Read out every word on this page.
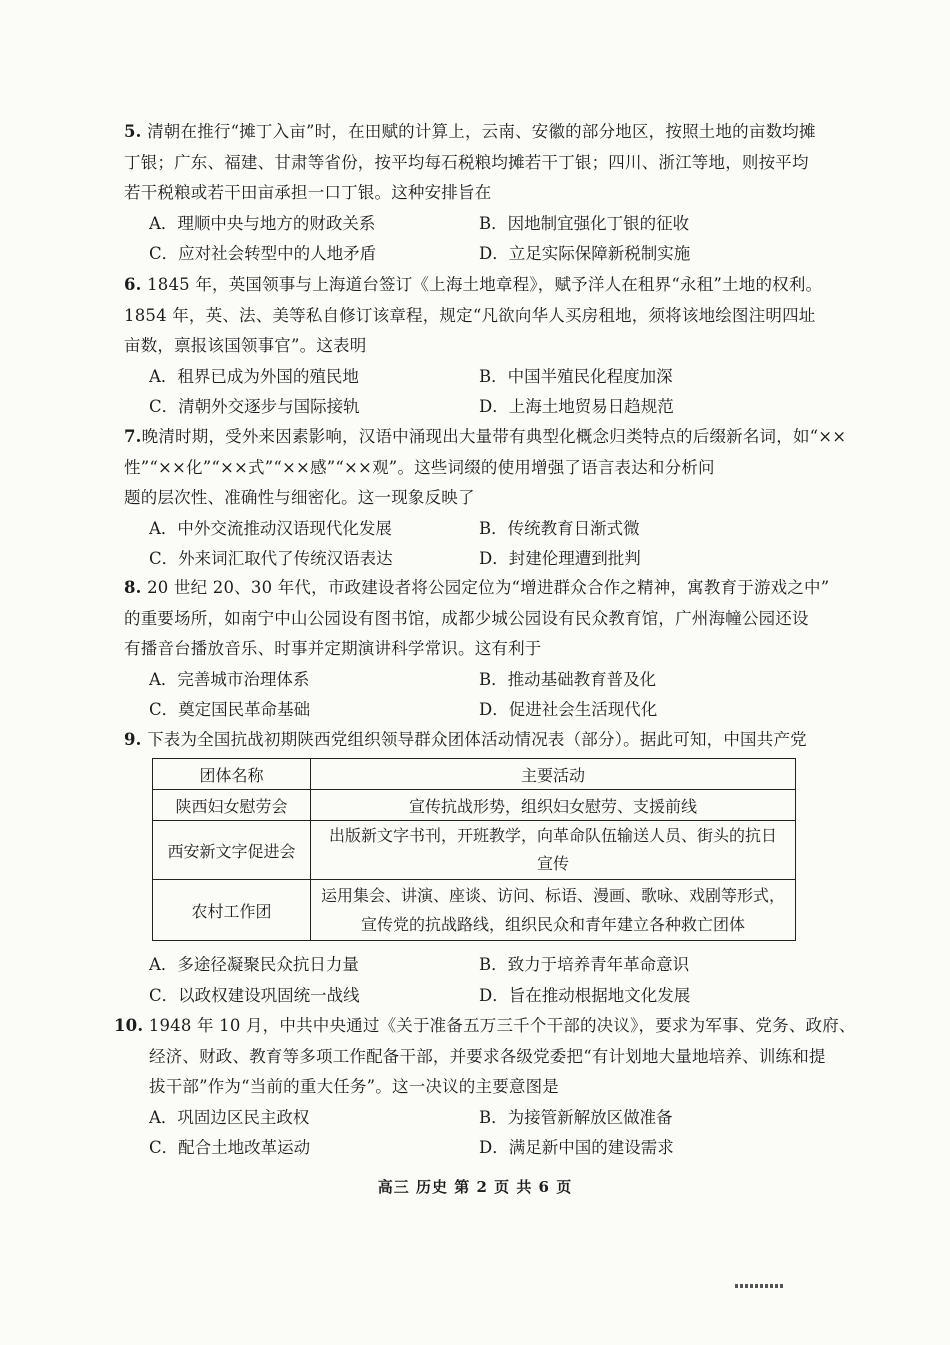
5. 清朝在推行“摊丁入亩”时，在田赋的计算上，云南、安徽的部分地区，按照土地的亩数均摊
丁银；广东、福建、甘肃等省份，按平均每石税粮均摊若干丁银；四川、浙江等地，则按平均
若干税粮或若干田亩承担一口丁银。这种安排旨在
A．理顺中央与地方的财政关系	B．因地制宜强化丁银的征收
C．应对社会转型中的人地矛盾	D．立足实际保障新税制实施
6. 1845 年，英国领事与上海道台签订《上海土地章程》，赋予洋人在租界“永租”土地的权利。
1854 年，英、法、美等私自修订该章程，规定“凡欲向华人买房租地，须将该地绘图注明四址
亩数，禀报该国领事官”。这表明
A．租界已成为外国的殖民地	B．中国半殖民化程度加深
C．清朝外交逐步与国际接轨	D．上海土地贸易日趋规范
7.晚清时期，受外来因素影响，汉语中涌现出大量带有典型化概念归类特点的后缀新名词，如“××
性”“××化”“××式”“××感”“××观”。这些词缀的使用增强了语言表达和分析问
题的层次性、准确性与细密化。这一现象反映了
A．中外交流推动汉语现代化发展	B．传统教育日渐式微
C．外来词汇取代了传统汉语表达	D．封建伦理遭到批判
8. 20 世纪 20、30 年代，市政建设者将公园定位为“增进群众合作之精神，寓教育于游戏之中”
的重要场所，如南宁中山公园设有图书馆，成都少城公园设有民众教育馆，广州海幢公园还设
有播音台播放音乐、时事并定期演讲科学常识。这有利于
A．完善城市治理体系	B．推动基础教育普及化
C．奠定国民革命基础	D．促进社会生活现代化
9. 下表为全国抗战初期陕西党组织领导群众团体活动情况表（部分）。据此可知，中国共产党
团体名称	主要活动
陕西妇女慰劳会	宣传抗战形势，组织妇女慰劳、支援前线
西安新文字促进会	出版新文字书刊，开班教学，向革命队伍输送人员、街头的抗日
宣传
农村工作团	运用集会、讲演、座谈、访问、标语、漫画、歌咏、戏剧等形式，
宣传党的抗战路线，组织民众和青年建立各种救亡团体
A．多途径凝聚民众抗日力量	B．致力于培养青年革命意识
C．以政权建设巩固统一战线	D．旨在推动根据地文化发展
10. 1948 年 10 月，中共中央通过《关于准备五万三千个干部的决议》，要求为军事、党务、政府、
经济、财政、教育等多项工作配备干部，并要求各级党委把“有计划地大量地培养、训练和提
拔干部”作为“当前的重大任务”。这一决议的主要意图是
A．巩固边区民主政权	B．为接管新解放区做准备
C．配合土地改革运动	D．满足新中国的建设需求
高三 历史 第 2 页 共 6 页
